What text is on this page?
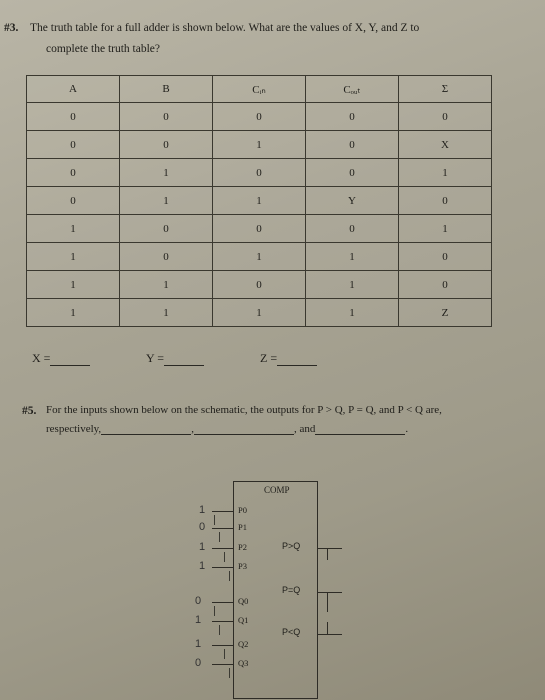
#3. The truth table for a full adder is shown below. What are the values of X, Y, and Z to
complete the truth table?
A	B	Cᵢₙ	Cₒᵤₜ	Σ
0	0	0	0	0
0	0	1	0	X
0	1	0	0	1
0	1	1	Y	0
1	0	0	0	1
1	0	1	1	0
1	1	0	1	0
1	1	1	1	Z
X =	Y =	Z =
#5. For the inputs shown below on the schematic, the outputs for P > Q, P = Q, and P < Q are,
respectively,	,	, and	.
COMP
P0
1
P1
0
P2
1
P3
1
Q0
0
Q1
1
Q2
1
Q3
0
P>Q
P=Q
P<Q
